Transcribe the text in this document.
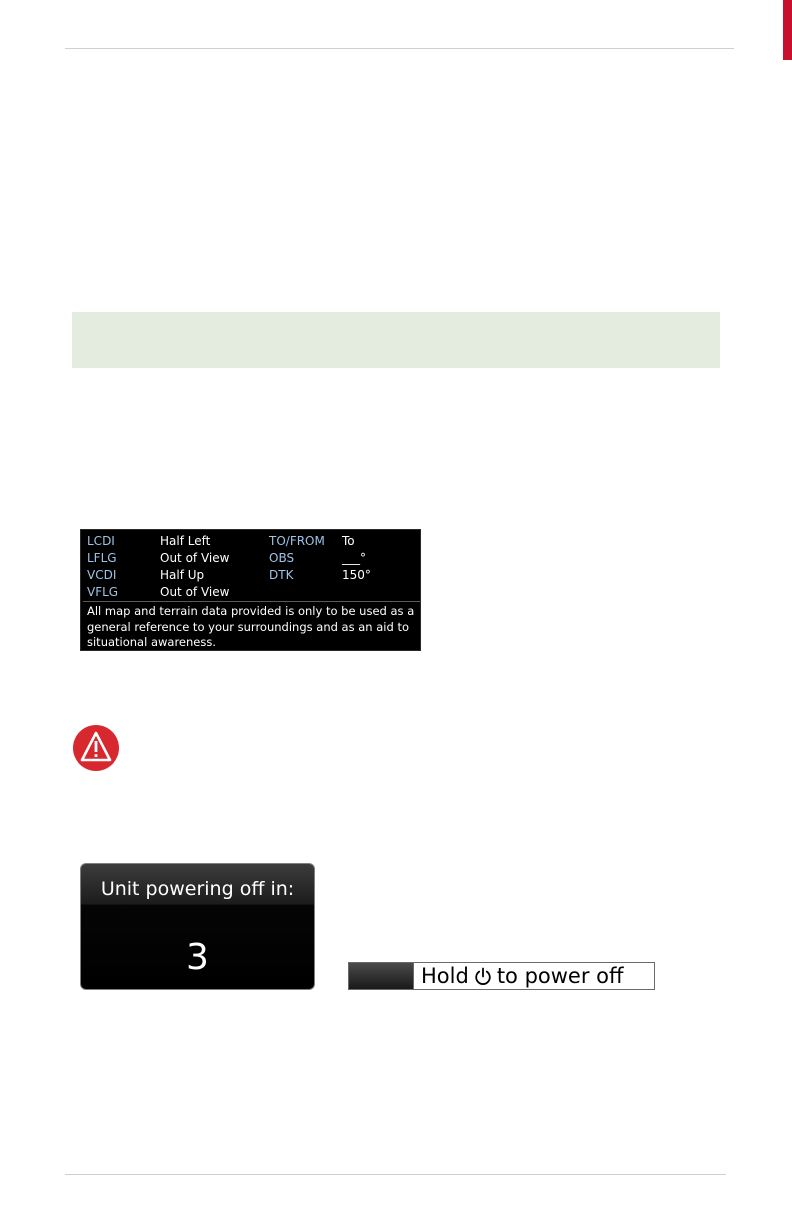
LCDI	Half Left	TO/FROM To
LFLG	Out of View	OBS	___°
VCDI	Half Up	DTK	150°
VFLG	Out of View
All map and terrain data provided is only to be used as a general reference to your surroundings and as an aid to situational awareness.
Unit powering off in:
3	Hold to power off
